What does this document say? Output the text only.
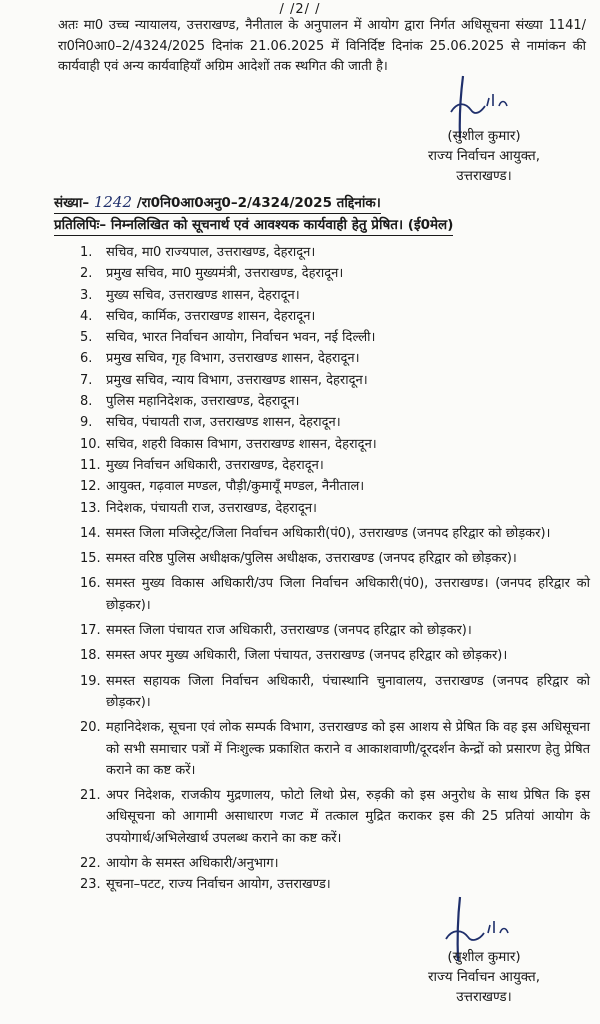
/ /2/ /
अतः मा0 उच्च न्यायालय, उत्तराखण्ड, नैनीताल के अनुपालन में आयोग द्वारा निर्गत अधिसूचना संख्या 1141/रा0नि0आ0–2/4324/2025 दिनांक 21.06.2025 में विनिर्दिष्ट दिनांक 25.06.2025 से नामांकन की कार्यवाही एवं अन्य कार्यवाहियॉं अग्रिम आदेशों तक स्थगित की जाती है।
(सुशील कुमार)
राज्य निर्वाचन आयुक्त,
उत्तराखण्ड।
संख्या– 1242 /रा0नि0आ0अनु0–2/4324/2025 तद्दिनांक।
प्रतिलिपिः– निम्नलिखित को सूचनार्थ एवं आवश्यक कार्यवाही हेतु प्रेषित। (ई0मेल)
1.	सचिव, मा0 राज्यपाल, उत्तराखण्ड, देहरादून।
2.	प्रमुख सचिव, मा0 मुख्यमंत्री, उत्तराखण्ड, देहरादून।
3.	मुख्य सचिव, उत्तराखण्ड शासन, देहरादून।
4.	सचिव, कार्मिक, उत्तराखण्ड शासन, देहरादून।
5.	सचिव, भारत निर्वाचन आयोग, निर्वाचन भवन, नई दिल्ली।
6.	प्रमुख सचिव, गृह विभाग, उत्तराखण्ड शासन, देहरादून।
7.	प्रमुख सचिव, न्याय विभाग, उत्तराखण्ड शासन, देहरादून।
8.	पुलिस महानिदेशक, उत्तराखण्ड, देहरादून।
9.	सचिव, पंचायती राज, उत्तराखण्ड शासन, देहरादून।
10. सचिव, शहरी विकास विभाग, उत्तराखण्ड शासन, देहरादून।
11. मुख्य निर्वाचन अधिकारी, उत्तराखण्ड, देहरादून।
12. आयुक्त, गढ़वाल मण्डल, पौड़ी/कुमायूॅं मण्डल, नैनीताल।
13. निदेशक, पंचायती राज, उत्तराखण्ड, देहरादून।
14. समस्त जिला मजिस्ट्रेट/जिला निर्वाचन अधिकारी(पं0), उत्तराखण्ड (जनपद हरिद्वार को छोड़कर)।
15. समस्त वरिष्ठ पुलिस अधीक्षक/पुलिस अधीक्षक, उत्तराखण्ड (जनपद हरिद्वार को छोड़कर)।
16. समस्त मुख्य विकास अधिकारी/उप जिला निर्वाचन अधिकारी(पं0), उत्तराखण्ड। (जनपद हरिद्वार को छोड़कर)।
17. समस्त जिला पंचायत राज अधिकारी, उत्तराखण्ड (जनपद हरिद्वार को छोड़कर)।
18. समस्त अपर मुख्य अधिकारी, जिला पंचायत, उत्तराखण्ड (जनपद हरिद्वार को छोड़कर)।
19. समस्त सहायक जिला निर्वाचन अधिकारी, पंचास्थानि चुनावालय, उत्तराखण्ड (जनपद हरिद्वार को छोड़कर)।
20. महानिदेशक, सूचना एवं लोक सम्पर्क विभाग, उत्तराखण्ड को इस आशय से प्रेषित कि वह इस अधिसूचना को सभी समाचार पत्रों में निःशुल्क प्रकाशित कराने व आकाशवाणी/दूरदर्शन केन्द्रों को प्रसारण हेतु प्रेषित कराने का कष्ट करें।
21. अपर निदेशक, राजकीय मुद्रणालय, फोटो लिथो प्रेस, रुड़की को इस अनुरोध के साथ प्रेषित कि इस अधिसूचना को आगामी असाधारण गजट में तत्काल मुद्रित कराकर इस की 25 प्रतियां आयोग के उपयोगार्थ/अभिलेखार्थ उपलब्ध कराने का कष्ट करें।
22. आयोग के समस्त अधिकारी/अनुभाग।
23. सूचना–पटट, राज्य निर्वाचन आयोग, उत्तराखण्ड।
(सुशील कुमार)
राज्य निर्वाचन आयुक्त,
उत्तराखण्ड।
